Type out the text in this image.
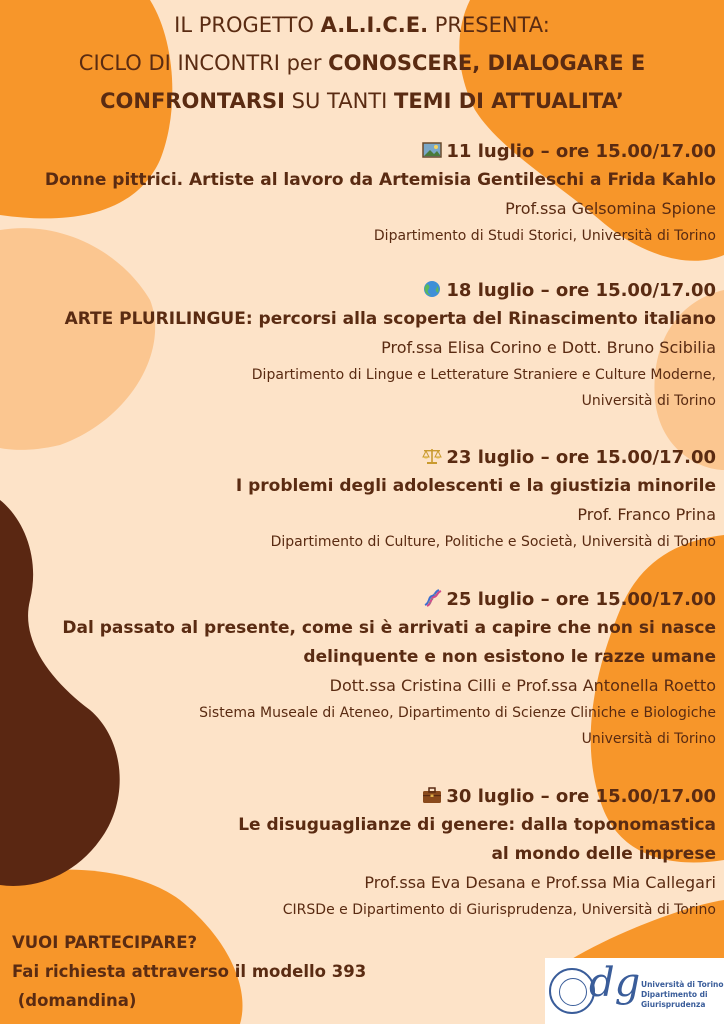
IL PROGETTO A.L.I.C.E. PRESENTA:
CICLO DI INCONTRI per CONOSCERE, DIALOGARE E
CONFRONTARSI SU TANTI TEMI DI ATTUALITA’
11 luglio – ore 15.00/17.00
Donne pittrici. Artiste al lavoro da Artemisia Gentileschi a Frida Kahlo
Prof.ssa Gelsomina Spione
Dipartimento di Studi Storici, Università di Torino
18 luglio – ore 15.00/17.00
ARTE PLURILINGUE: percorsi alla scoperta del Rinascimento italiano
Prof.ssa Elisa Corino e Dott. Bruno Scibilia
Dipartimento di Lingue e Letterature Straniere e Culture Moderne,
Università di Torino
23 luglio – ore 15.00/17.00
I problemi degli adolescenti e la giustizia minorile
Prof. Franco Prina
Dipartimento di Culture, Politiche e Società, Università di Torino
25 luglio – ore 15.00/17.00
Dal passato al presente, come si è arrivati a capire che non si nasce
delinquente e non esistono le razze umane
Dott.ssa Cristina Cilli e Prof.ssa Antonella Roetto
Sistema Museale di Ateneo, Dipartimento di Scienze Cliniche e Biologiche
Università di Torino
30 luglio – ore 15.00/17.00
Le disuguaglianze di genere: dalla toponomastica
al mondo delle imprese
Prof.ssa Eva Desana e Prof.ssa Mia Callegari
CIRSDe e Dipartimento di Giurisprudenza, Università di Torino
VUOI PARTECIPARE?
Fai richiesta attraverso il modello 393
(domandina)	dg Università di Torino
Dipartimento di Giurisprudenza
